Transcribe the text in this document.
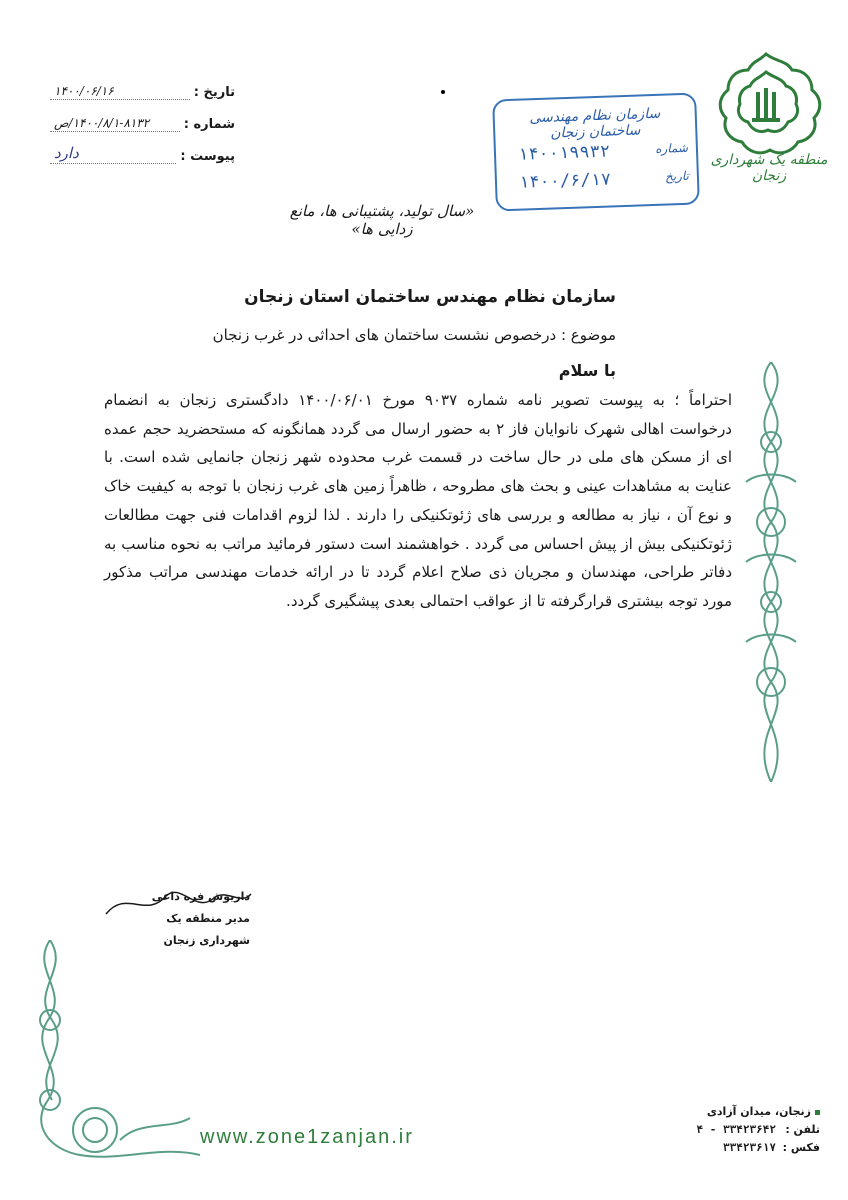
تاریخ :
۱۴۰۰/۰۶/۱۶
شماره :
۱۴۰۰/۸/۱-۸۱۳۲/ص
پیوست :
دارد
سازمان نظام مهندسی ساختمان زنجان
شماره
۱۴۰۰۱۹۹۳۲
تاریخ
۱۴۰۰/۶/۱۷
منطقه یک شهرداری زنجان
«سال تولید، پشتیبانی ها، مانع زدایی ها»
سازمان نظام مهندس ساختمان استان زنجان
موضوع : درخصوص نشست ساختمان های احداثی در غرب زنجان
با سلام
احتراماً ؛ به پیوست تصویر نامه شماره ۹۰۳۷ مورخ ۱۴۰۰/۰۶/۰۱ دادگستری زنجان به انضمام درخواست اهالی شهرک نانوایان فاز ۲ به حضور ارسال می گردد همانگونه که مستحضرید حجم عمده ای از مسکن های ملی در حال ساخت در قسمت غرب محدوده شهر زنجان جانمایی شده است. با عنایت به مشاهدات عینی و بحث های مطروحه ، ظاهراً زمین های غرب زنجان با توجه به کیفیت خاک و نوع آن ، نیاز به مطالعه و بررسی های ژئوتکنیکی را دارند . لذا لزوم اقدامات فنی جهت مطالعات ژئوتکنیکی بیش از پیش احساس می گردد . خواهشمند است دستور فرمائید مراتب به نحوه مناسب به دفاتر طراحی، مهندسان و مجریان ذی صلاح اعلام گردد تا در ارائه خدمات مهندسی مراتب مذکور مورد توجه بیشتری قرارگرفته تا از عواقب احتمالی بعدی پیشگیری گردد.
داریوش فره داعی
مدیر منطقه یک
شهرداری زنجان
www.zone1zanjan.ir
زنجان، میدان آزادی
تلفن :
۳۳۴۲۳۶۴۲ - ۴
فکس :
۳۳۴۲۳۶۱۷
